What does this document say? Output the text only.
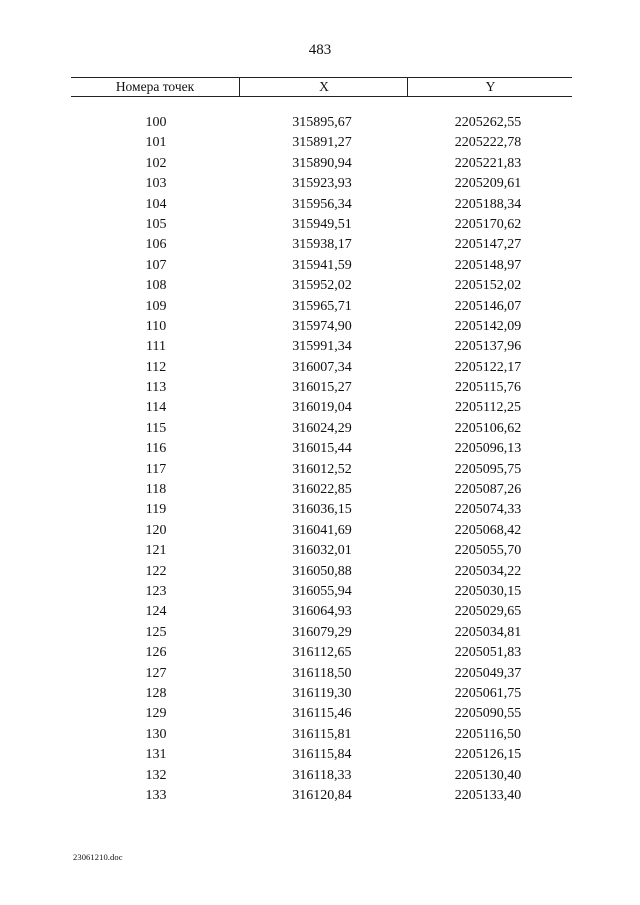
483
Номера точек	X	Y
100	315895,67	2205262,55
101	315891,27	2205222,78
102	315890,94	2205221,83
103	315923,93	2205209,61
104	315956,34	2205188,34
105	315949,51	2205170,62
106	315938,17	2205147,27
107	315941,59	2205148,97
108	315952,02	2205152,02
109	315965,71	2205146,07
110	315974,90	2205142,09
111	315991,34	2205137,96
112	316007,34	2205122,17
113	316015,27	2205115,76
114	316019,04	2205112,25
115	316024,29	2205106,62
116	316015,44	2205096,13
117	316012,52	2205095,75
118	316022,85	2205087,26
119	316036,15	2205074,33
120	316041,69	2205068,42
121	316032,01	2205055,70
122	316050,88	2205034,22
123	316055,94	2205030,15
124	316064,93	2205029,65
125	316079,29	2205034,81
126	316112,65	2205051,83
127	316118,50	2205049,37
128	316119,30	2205061,75
129	316115,46	2205090,55
130	316115,81	2205116,50
131	316115,84	2205126,15
132	316118,33	2205130,40
133	316120,84	2205133,40
23061210.doc
